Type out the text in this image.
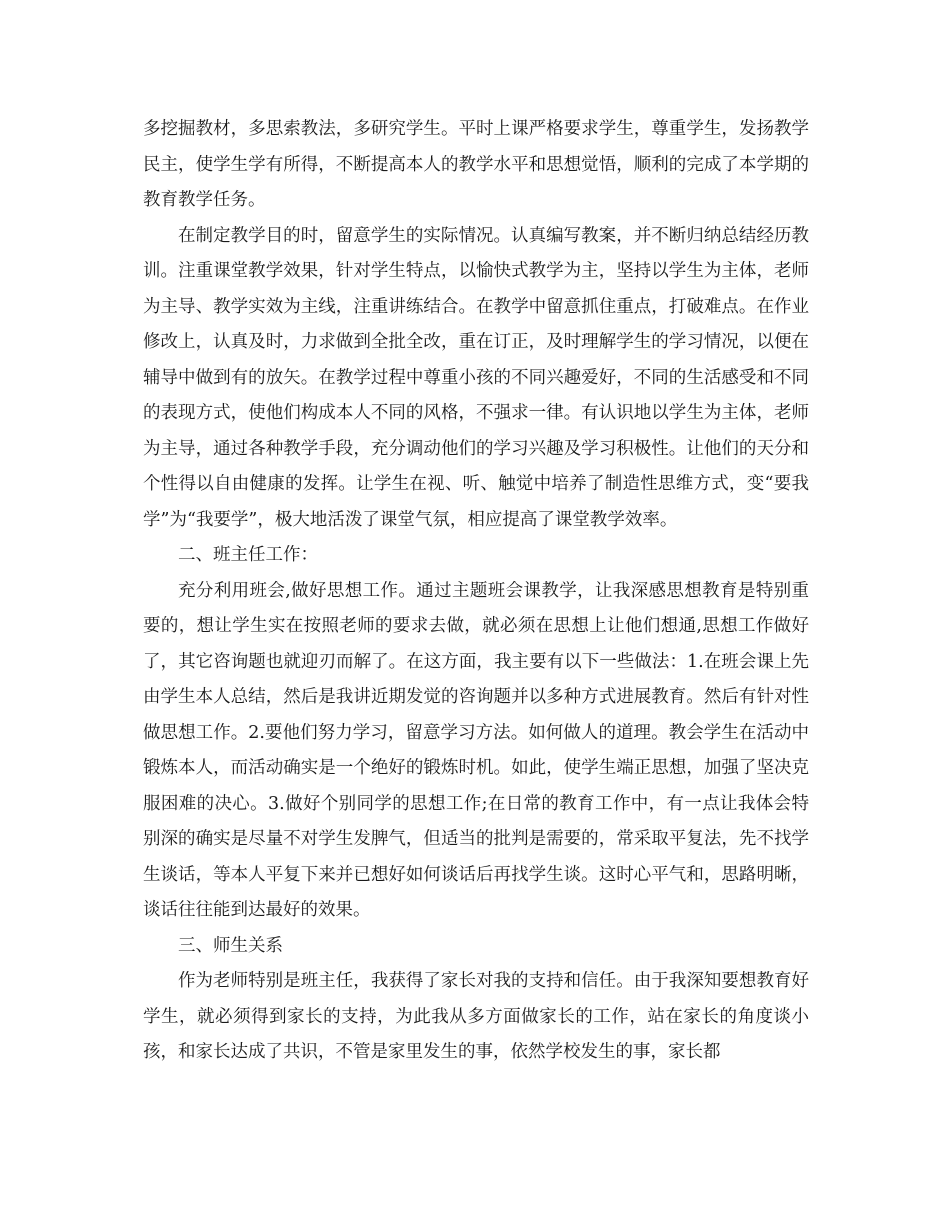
多挖掘教材，多思索教法，多研究学生。平时上课严格要求学生，尊重学生，发扬教学民主，使学生学有所得，不断提高本人的教学水平和思想觉悟，顺利的完成了本学期的教育教学任务。

在制定教学目的时，留意学生的实际情况。认真编写教案，并不断归纳总结经历教训。注重课堂教学效果，针对学生特点，以愉快式教学为主，坚持以学生为主体，老师为主导、教学实效为主线，注重讲练结合。在教学中留意抓住重点，打破难点。在作业修改上，认真及时，力求做到全批全改，重在订正，及时理解学生的学习情况，以便在辅导中做到有的放矢。在教学过程中尊重小孩的不同兴趣爱好，不同的生活感受和不同的表现方式，使他们构成本人不同的风格，不强求一律。有认识地以学生为主体，老师为主导，通过各种教学手段，充分调动他们的学习兴趣及学习积极性。让他们的天分和个性得以自由健康的发挥。让学生在视、听、触觉中培养了制造性思维方式，变“要我学”为“我要学”，极大地活泼了课堂气氛，相应提高了课堂教学效率。

二、班主任工作：

充分利用班会,做好思想工作。通过主题班会课教学，让我深感思想教育是特别重要的，想让学生实在按照老师的要求去做，就必须在思想上让他们想通,思想工作做好了，其它咨询题也就迎刃而解了。在这方面，我主要有以下一些做法：1.在班会课上先由学生本人总结，然后是我讲近期发觉的咨询题并以多种方式进展教育。然后有针对性做思想工作。2.要他们努力学习，留意学习方法。如何做人的道理。教会学生在活动中锻炼本人，而活动确实是一个绝好的锻炼时机。如此，使学生端正思想，加强了坚决克服困难的决心。3.做好个别同学的思想工作;在日常的教育工作中，有一点让我体会特别深的确实是尽量不对学生发脾气，但适当的批判是需要的，常采取平复法，先不找学生谈话，等本人平复下来并已想好如何谈话后再找学生谈。这时心平气和，思路明晰，谈话往往能到达最好的效果。

三、师生关系

作为老师特别是班主任，我获得了家长对我的支持和信任。由于我深知要想教育好学生，就必须得到家长的支持，为此我从多方面做家长的工作，站在家长的角度谈小孩，和家长达成了共识，不管是家里发生的事，依然学校发生的事，家长都
